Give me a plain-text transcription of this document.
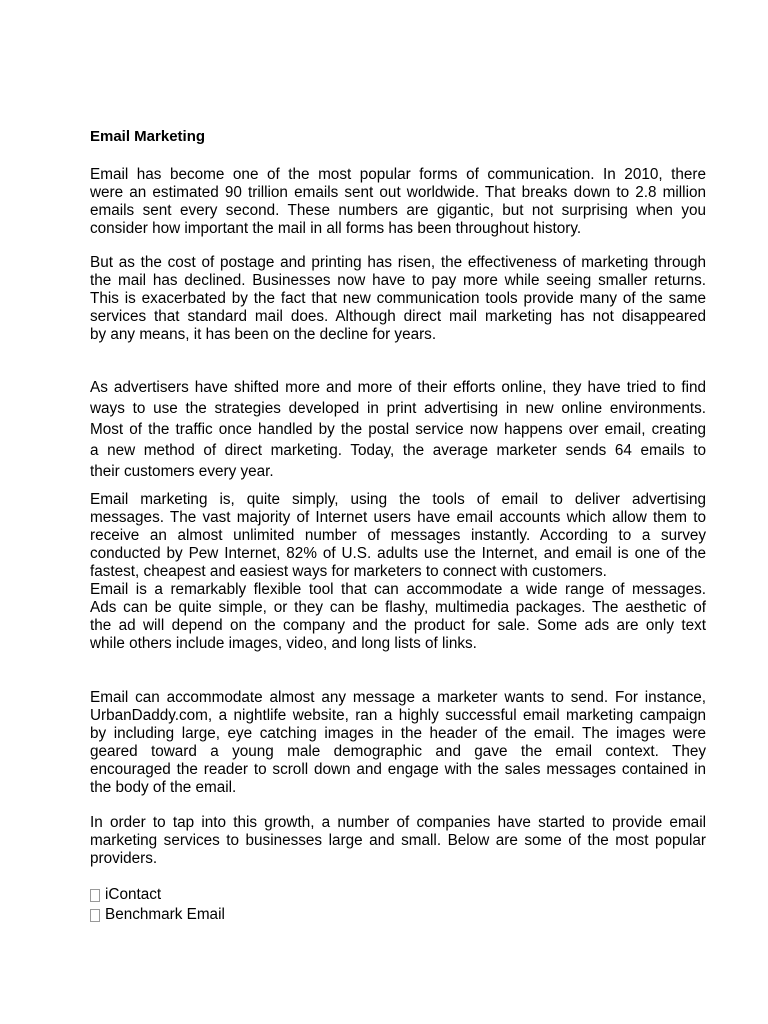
Email Marketing
Email has become one of the most popular forms of communication. In 2010, there
were an estimated 90 trillion emails sent out worldwide. That breaks down to 2.8 million
emails sent every second. These numbers are gigantic, but not surprising when you
consider how important the mail in all forms has been throughout history.
But as the cost of postage and printing has risen, the effectiveness of marketing through
the mail has declined. Businesses now have to pay more while seeing smaller returns.
This is exacerbated by the fact that new communication tools provide many of the same
services that standard mail does. Although direct mail marketing has not disappeared
by any means, it has been on the decline for years.
As advertisers have shifted more and more of their efforts online, they have tried to find
ways to use the strategies developed in print advertising in new online environments.
Most of the traffic once handled by the postal service now happens over email, creating
a new method of direct marketing. Today, the average marketer sends 64 emails to
their customers every year.
Email marketing is, quite simply, using the tools of email to deliver advertising
messages. The vast majority of Internet users have email accounts which allow them to
receive an almost unlimited number of messages instantly. According to a survey
conducted by Pew Internet, 82% of U.S. adults use the Internet, and email is one of the
fastest, cheapest and easiest ways for marketers to connect with customers.
Email is a remarkably flexible tool that can accommodate a wide range of messages.
Ads can be quite simple, or they can be flashy, multimedia packages. The aesthetic of
the ad will depend on the company and the product for sale. Some ads are only text
while others include images, video, and long lists of links.
Email can accommodate almost any message a marketer wants to send. For instance,
UrbanDaddy.com, a nightlife website, ran a highly successful email marketing campaign
by including large, eye catching images in the header of the email. The images were
geared toward a young male demographic and gave the email context. They
encouraged the reader to scroll down and engage with the sales messages contained in
the body of the email.
In order to tap into this growth, a number of companies have started to provide email
marketing services to businesses large and small. Below are some of the most popular
providers.
iContact
Benchmark Email
